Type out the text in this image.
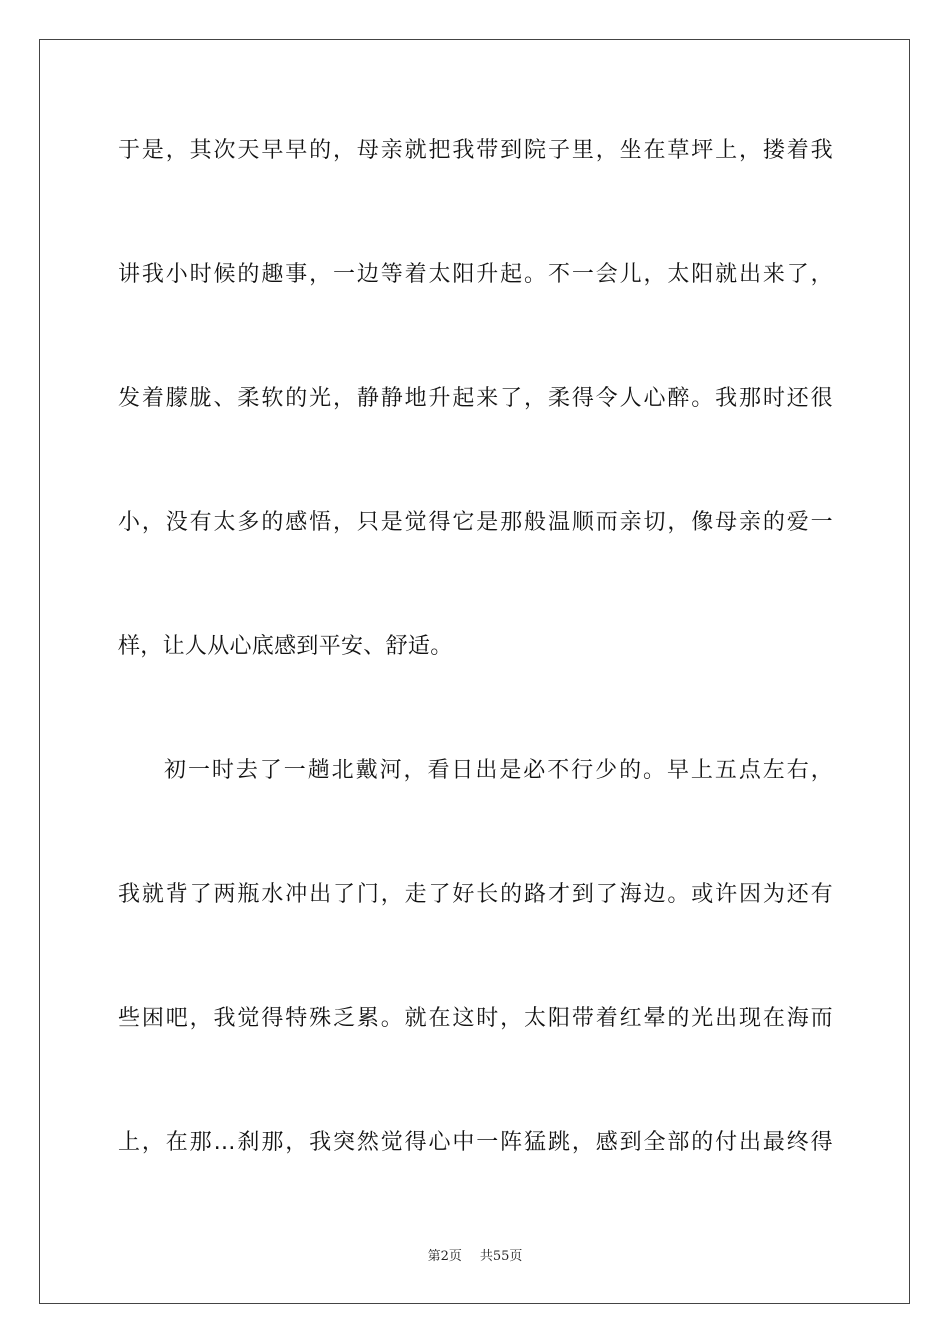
于是，其次天早早的，母亲就把我带到院子里，坐在草坪上，搂着我
讲我小时候的趣事，一边等着太阳升起。不一会儿，太阳就出来了，
发着朦胧、柔软的光，静静地升起来了，柔得令人心醉。我那时还很
小，没有太多的感悟，只是觉得它是那般温顺而亲切，像母亲的爱一
样，让人从心底感到平安、舒适。
初一时去了一趟北戴河，看日出是必不行少的。早上五点左右，
我就背了两瓶水冲出了门，走了好长的路才到了海边。或许因为还有
些困吧，我觉得特殊乏累。就在这时，太阳带着红晕的光出现在海而
上，在那…刹那，我突然觉得心中一阵猛跳，感到全部的付出最终得
第2页 共55页
